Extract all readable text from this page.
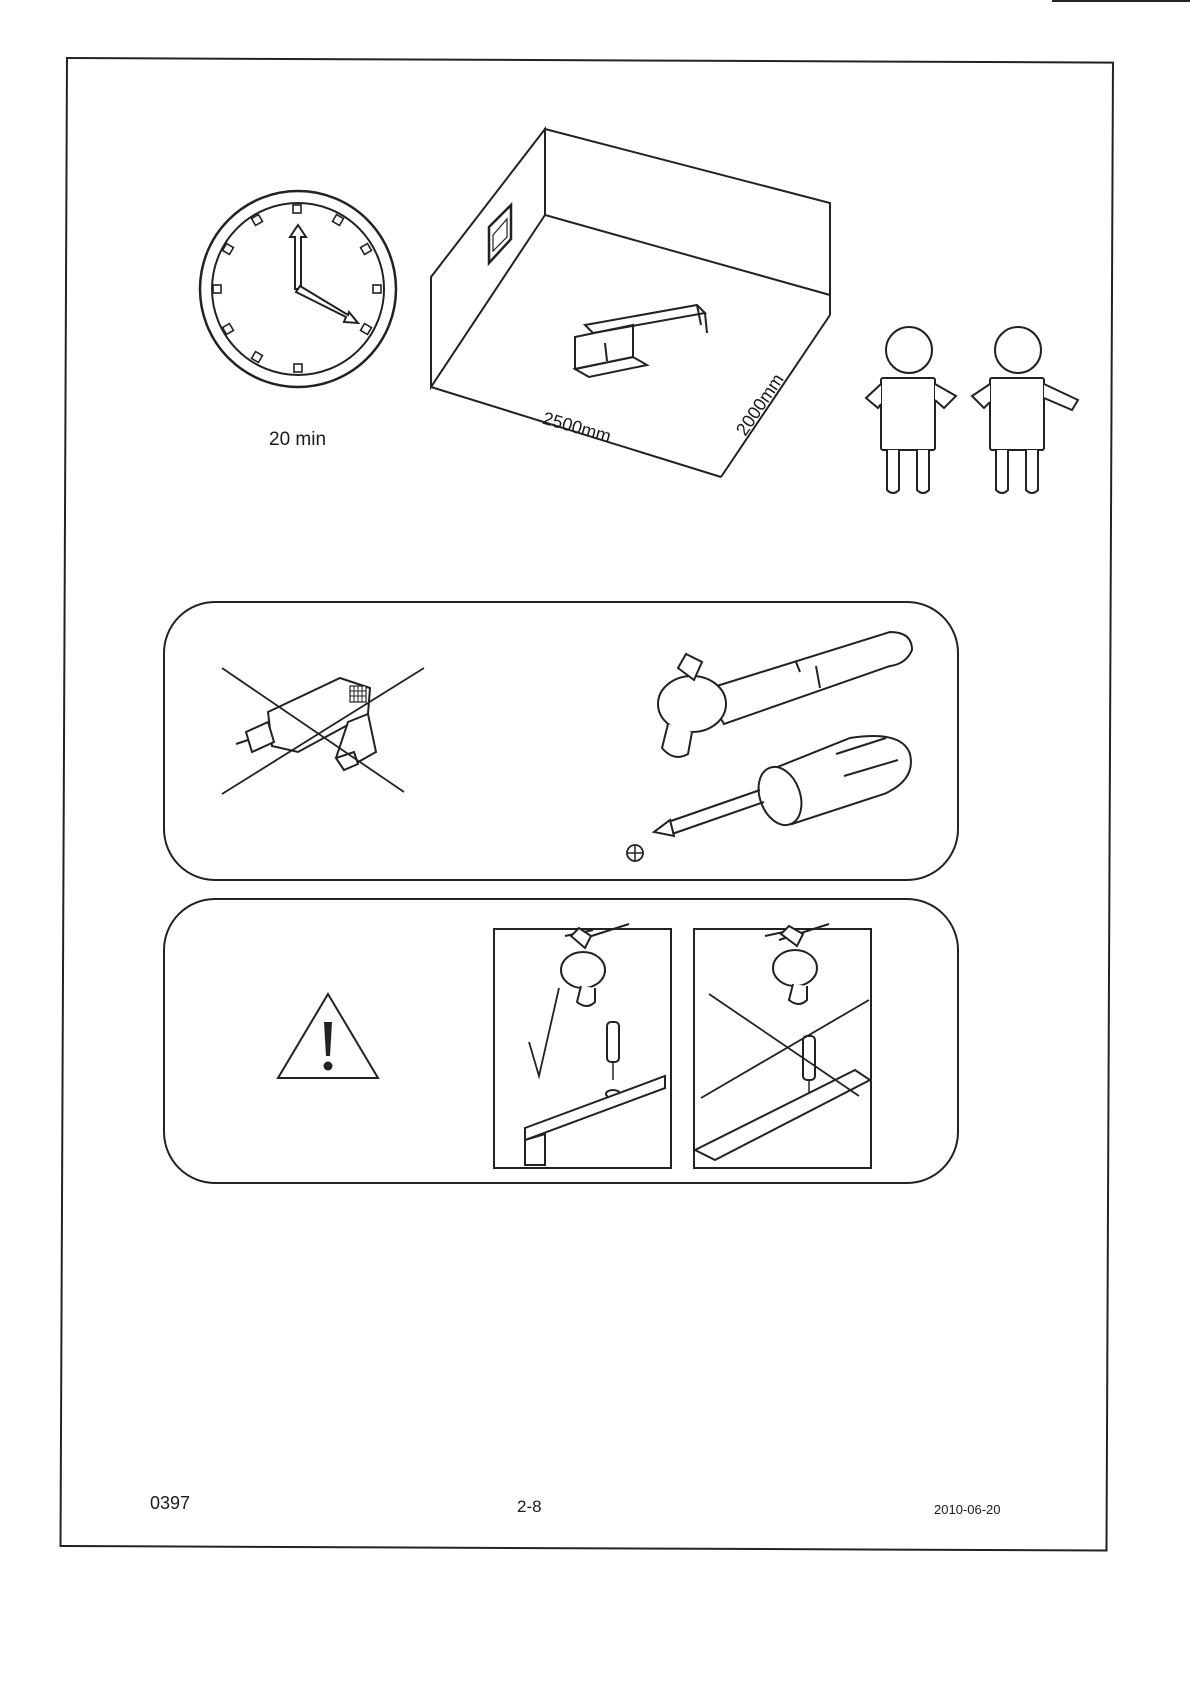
20 min	2500mm	2000mm
0397	2-8	2010-06-20
